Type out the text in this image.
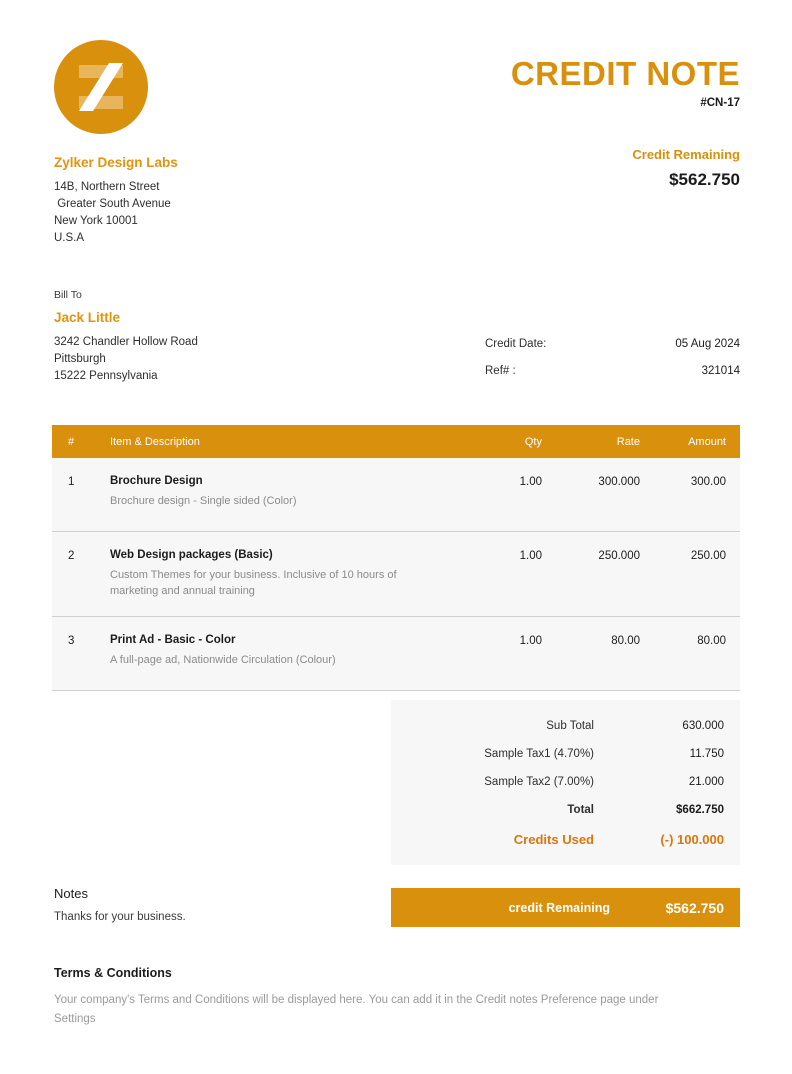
CREDIT NOTE
#CN-17
Credit Remaining
$562.750
Zylker Design Labs
14B, Northern Street
Greater South Avenue
New York 10001
U.S.A
Bill To
Jack Little
3242 Chandler Hollow Road
Pittsburgh
15222 Pennsylvania
Credit Date:	05 Aug 2024
Ref# :	321014
#	Item & Description	Qty	Rate	Amount
1	Brochure Design
Brochure design - Single sided (Color)
1.00	300.000	300.00
2	Web Design packages (Basic)
Custom Themes for your business. Inclusive of 10 hours of marketing and annual training
1.00	250.000	250.00
3	Print Ad - Basic - Color
A full-page ad, Nationwide Circulation (Colour)
1.00	80.00	80.00
Sub Total	630.000
Sample Tax1 (4.70%)	11.750
Sample Tax2 (7.00%)	21.000
Total	$662.750
Credits Used	(-) 100.000
credit Remaining	$562.750
Notes
Thanks for your business.
Terms & Conditions
Your company's Terms and Conditions will be displayed here. You can add it in the Credit notes Preference page under Settings
